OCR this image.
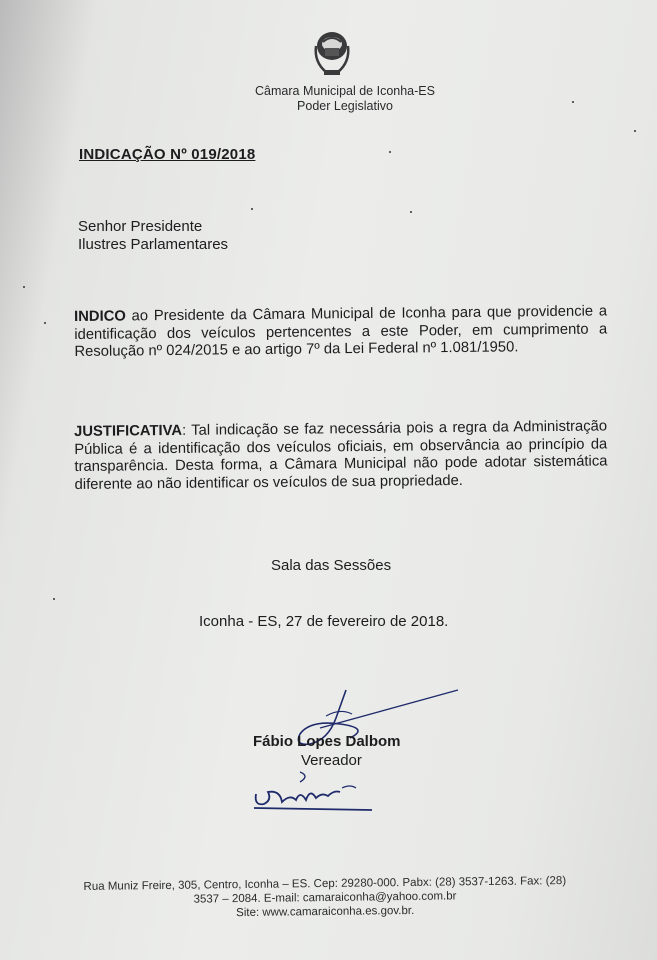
Câmara Municipal de Iconha-ES
Poder Legislativo
INDICAÇÃO Nº 019/2018
Senhor Presidente
Ilustres Parlamentares
INDICO ao Presidente da Câmara Municipal de Iconha para que providencie a identificação dos veículos pertencentes a este Poder, em cumprimento a Resolução nº 024/2015 e ao artigo 7º da Lei Federal nº 1.081/1950.
JUSTIFICATIVA: Tal indicação se faz necessária pois a regra da Administração Pública é a identificação dos veículos oficiais, em observância ao princípio da transparência. Desta forma, a Câmara Municipal não pode adotar sistemática diferente ao não identificar os veículos de sua propriedade.
Sala das Sessões
Iconha - ES, 27 de fevereiro de 2018.
Fábio Lopes Dalbom
Vereador
Rua Muniz Freire, 305, Centro, Iconha – ES. Cep: 29280-000. Pabx: (28) 3537-1263. Fax: (28)
3537 – 2084. E-mail: camaraiconha@yahoo.com.br
Site: www.camaraiconha.es.gov.br.
